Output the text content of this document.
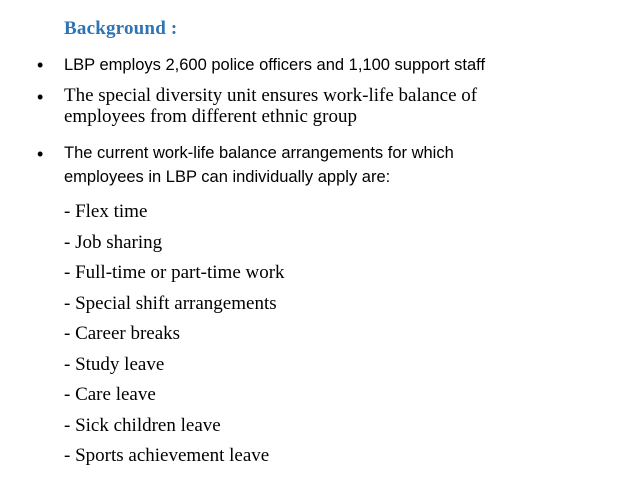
Background :
• LBP employs 2,600 police officers and 1,100 support staff
• The special diversity unit ensures work-life balance of
employees from different ethnic group
• The current work-life balance arrangements for which
employees in LBP can individually apply are:
- Flex time
- Job sharing
- Full-time or part-time work
- Special shift arrangements
- Career breaks
- Study leave
- Care leave
- Sick children leave
- Sports achievement leave
